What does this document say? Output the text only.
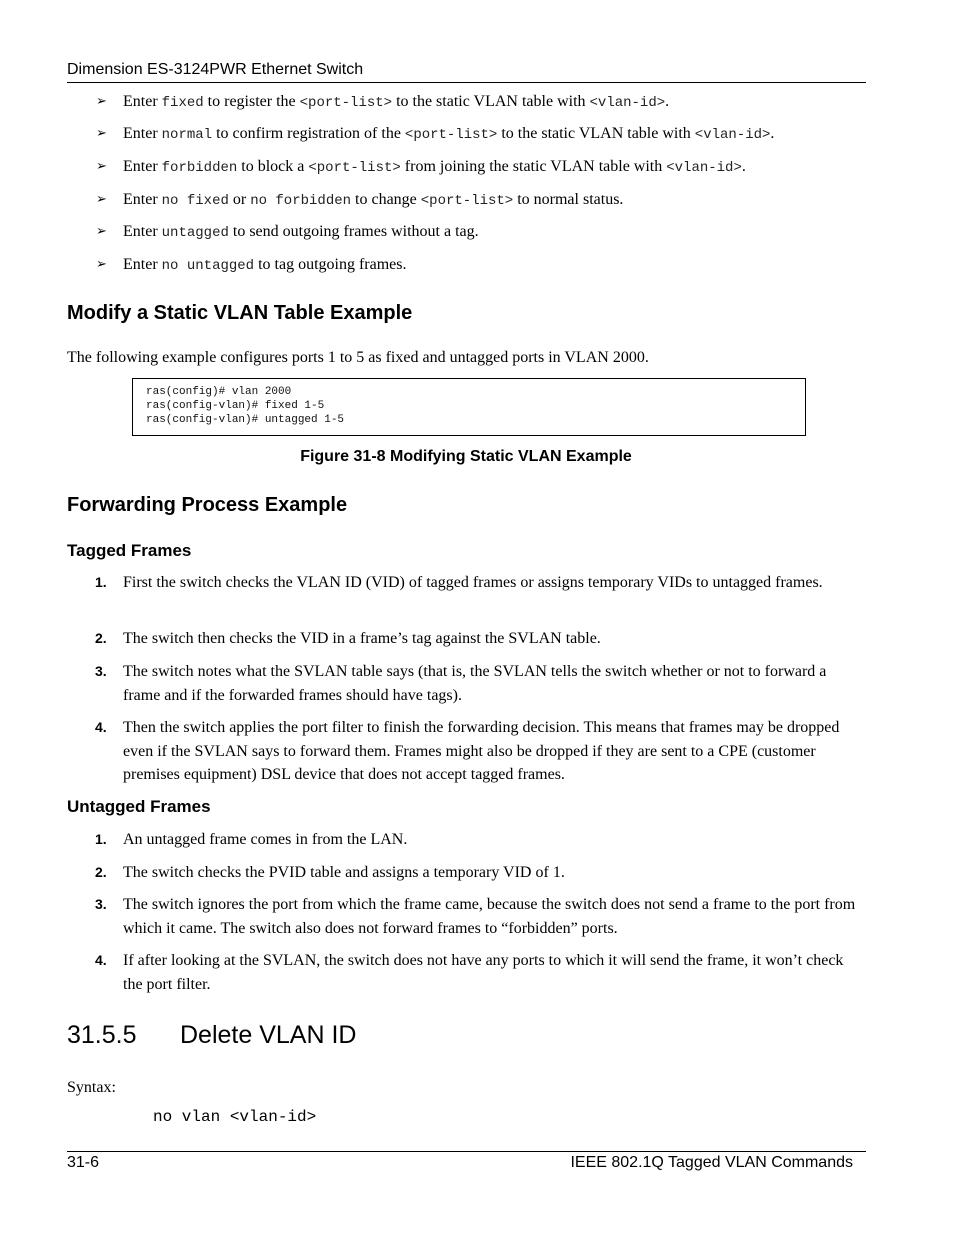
Dimension ES-3124PWR Ethernet Switch
➢ Enter fixed to register the <port-list> to the static VLAN table with <vlan-id>.
➢ Enter normal to confirm registration of the <port-list> to the static VLAN table with <vlan-id>.
➢ Enter forbidden to block a <port-list> from joining the static VLAN table with <vlan-id>.
➢ Enter no fixed or no forbidden to change <port-list> to normal status.
➢ Enter untagged to send outgoing frames without a tag.
➢ Enter no untagged to tag outgoing frames.
Modify a Static VLAN Table Example
The following example configures ports 1 to 5 as fixed and untagged ports in VLAN 2000.
ras(config)# vlan 2000
ras(config-vlan)# fixed 1-5
ras(config-vlan)# untagged 1-5
Figure 31-8 Modifying Static VLAN Example
Forwarding Process Example
Tagged Frames
1. First the switch checks the VLAN ID (VID) of tagged frames or assigns temporary VIDs to untagged frames.
2. The switch then checks the VID in a frame’s tag against the SVLAN table.
3. The switch notes what the SVLAN table says (that is, the SVLAN tells the switch whether or not to forward a frame and if the forwarded frames should have tags).
4. Then the switch applies the port filter to finish the forwarding decision. This means that frames may be dropped even if the SVLAN says to forward them. Frames might also be dropped if they are sent to a CPE (customer premises equipment) DSL device that does not accept tagged frames.
Untagged Frames
1. An untagged frame comes in from the LAN.
2. The switch checks the PVID table and assigns a temporary VID of 1.
3. The switch ignores the port from which the frame came, because the switch does not send a frame to the port from which it came. The switch also does not forward frames to “forbidden” ports.
4. If after looking at the SVLAN, the switch does not have any ports to which it will send the frame, it won’t check the port filter.
31.5.5 Delete VLAN ID
Syntax:
no vlan <vlan-id>
31-6	IEEE 802.1Q Tagged VLAN Commands
